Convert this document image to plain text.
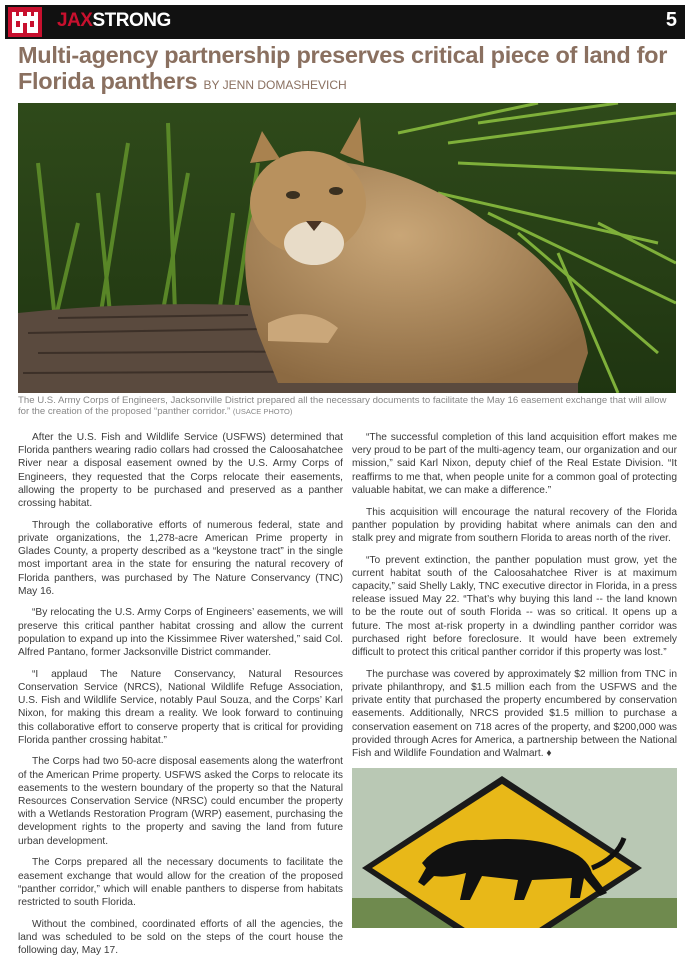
JAXSTRONG	5
Multi-agency partnership preserves critical piece of land for Florida panthers BY JENN DOMASHEVICH
The U.S. Army Corps of Engineers, Jacksonville District prepared all the necessary documents to facilitate the May 16 easement exchange that will allow for the creation of the proposed “panther corridor.” (USACE PHOTO)

After the U.S. Fish and Wildlife Service (USFWS) determined that Florida panthers wearing radio collars had crossed the Caloosahatchee River near a disposal easement owned by the U.S. Army Corps of Engineers, they requested that the Corps relocate their easements, allowing the property to be purchased and preserved as a panther crossing habitat.

Through the collaborative efforts of numerous federal, state and private organizations, the 1,278-acre American Prime property in Glades County, a property described as a “keystone tract” in the single most important area in the state for ensuring the natural recovery of Florida panthers, was purchased by The Nature Conservancy (TNC) May 16.

“By relocating the U.S. Army Corps of Engineers’ easements, we will preserve this critical panther habitat crossing and allow the current population to expand up into the Kissimmee River watershed,” said Col. Alfred Pantano, former Jacksonville District commander.

“I applaud The Nature Conservancy, Natural Resources Conservation Service (NRCS), National Wildlife Refuge Association, U.S. Fish and Wildlife Service, notably Paul Souza, and the Corps’ Karl Nixon, for making this dream a reality. We look forward to continuing this collaborative effort to conserve property that is critical for providing Florida panther crossing habitat.”

The Corps had two 50-acre disposal easements along the waterfront of the American Prime property. USFWS asked the Corps to relocate its easements to the western boundary of the property so that the Natural Resources Conservation Service (NRSC) could encumber the property with a Wetlands Restoration Program (WRP) easement, purchasing the development rights to the property and saving the land from future urban development.

The Corps prepared all the necessary documents to facilitate the easement exchange that would allow for the creation of the proposed “panther corridor,” which will enable panthers to disperse from habitats restricted to south Florida.

Without the combined, coordinated efforts of all the agencies, the land was scheduled to be sold on the steps of the court house the following day, May 17.

“The successful completion of this land acquisition effort makes me very proud to be part of the multi-agency team, our organization and our mission,” said Karl Nixon, deputy chief of the Real Estate Division. “It reaffirms to me that, when people unite for a common goal of protecting valuable habitat, we can make a difference.”

This acquisition will encourage the natural recovery of the Florida panther population by providing habitat where animals can den and stalk prey and migrate from southern Florida to areas north of the river.

“To prevent extinction, the panther population must grow, yet the current habitat south of the Caloosahatchee River is at maximum capacity,” said Shelly Lakly, TNC executive director in Florida, in a press release issued May 22. “That’s why buying this land -- the land known to be the route out of south Florida -- was so critical. It opens up a future. The most at-risk property in a dwindling panther corridor was purchased right before foreclosure. It would have been extremely difficult to protect this critical panther corridor if this property was lost.”

The purchase was covered by approximately $2 million from TNC in private philanthropy, and $1.5 million each from the USFWS and the private entity that purchased the property encumbered by conservation easements. Additionally, NRCS provided $1.5 million to purchase a conservation easement on 718 acres of the property, and $200,000 was provided through Acres for America, a partnership between the National Fish and Wildlife Foundation and Walmart. ♦
